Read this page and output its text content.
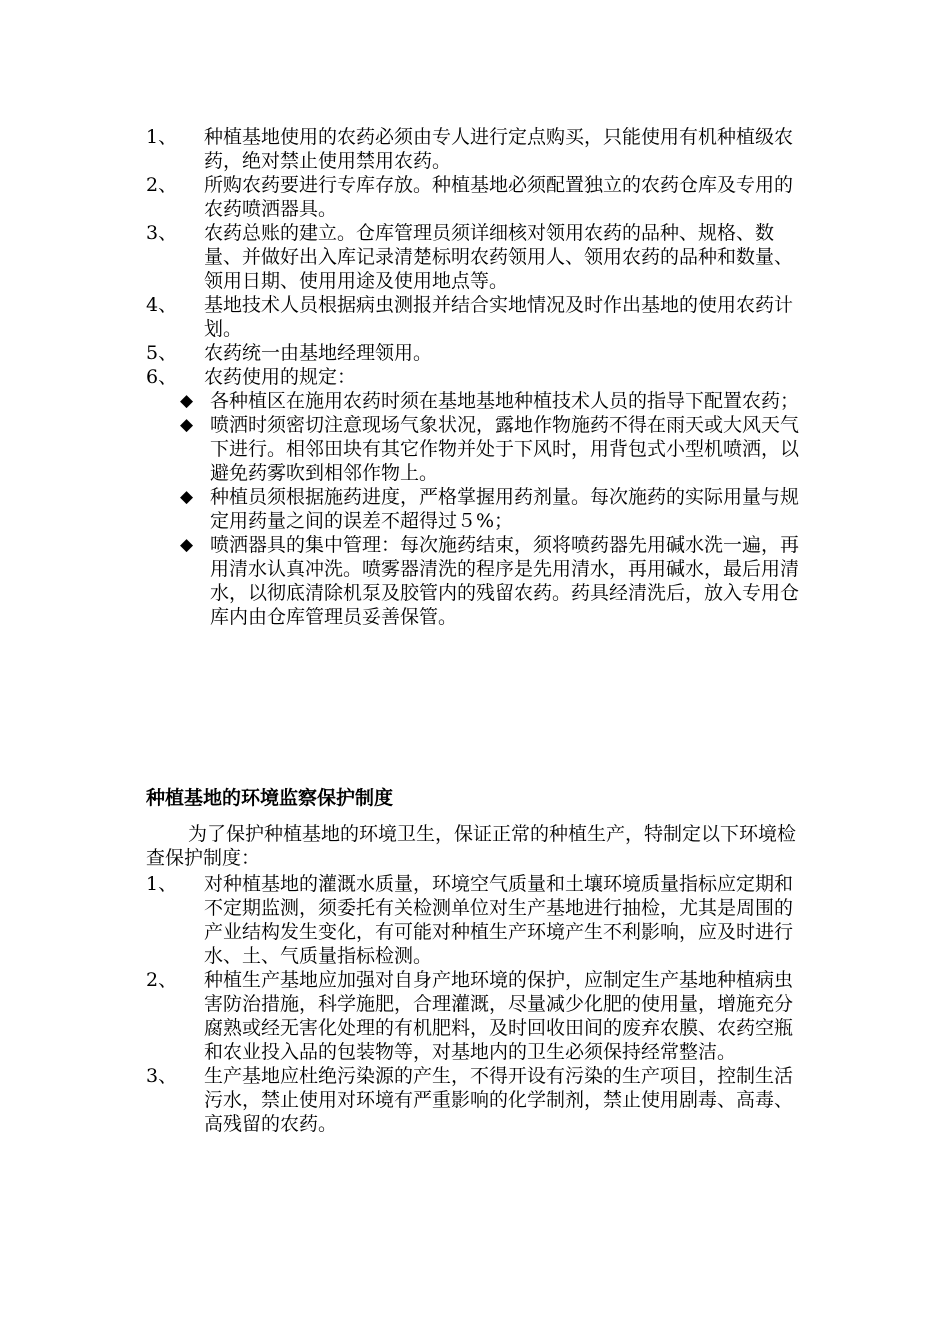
1、 种植基地使用的农药必须由专人进行定点购买，只能使用有机种植级农药，绝对禁止使用禁用农药。
2、 所购农药要进行专库存放。种植基地必须配置独立的农药仓库及专用的农药喷洒器具。
3、 农药总账的建立。仓库管理员须详细核对领用农药的品种、规格、数量、并做好出入库记录清楚标明农药领用人、领用农药的品种和数量、领用日期、使用用途及使用地点等。
4、 基地技术人员根据病虫测报并结合实地情况及时作出基地的使用农药计划。
5、 农药统一由基地经理领用。
6、 农药使用的规定：
◆ 各种植区在施用农药时须在基地基地种植技术人员的指导下配置农药；
◆ 喷洒时须密切注意现场气象状况，露地作物施药不得在雨天或大风天气下进行。相邻田块有其它作物并处于下风时，用背包式小型机喷洒，以避免药雾吹到相邻作物上。
◆ 种植员须根据施药进度，严格掌握用药剂量。每次施药的实际用量与规定用药量之间的误差不超得过５%；
◆ 喷洒器具的集中管理：每次施药结束，须将喷药器先用碱水洗一遍，再用清水认真冲洗。喷雾器清洗的程序是先用清水，再用碱水，最后用清水，以彻底清除机泵及胶管内的残留农药。药具经清洗后，放入专用仓库内由仓库管理员妥善保管。
种植基地的环境监察保护制度
为了保护种植基地的环境卫生，保证正常的种植生产，特制定以下环境检查保护制度：
1、 对种植基地的灌溉水质量，环境空气质量和土壤环境质量指标应定期和不定期监测，须委托有关检测单位对生产基地进行抽检，尤其是周围的产业结构发生变化，有可能对种植生产环境产生不利影响，应及时进行水、土、气质量指标检测。
2、 种植生产基地应加强对自身产地环境的保护，应制定生产基地种植病虫害防治措施，科学施肥，合理灌溉，尽量减少化肥的使用量，增施充分腐熟或经无害化处理的有机肥料，及时回收田间的废弃农膜、农药空瓶和农业投入品的包装物等，对基地内的卫生必须保持经常整洁。
3、 生产基地应杜绝污染源的产生，不得开设有污染的生产项目，控制生活污水，禁止使用对环境有严重影响的化学制剂，禁止使用剧毒、高毒、高残留的农药。
